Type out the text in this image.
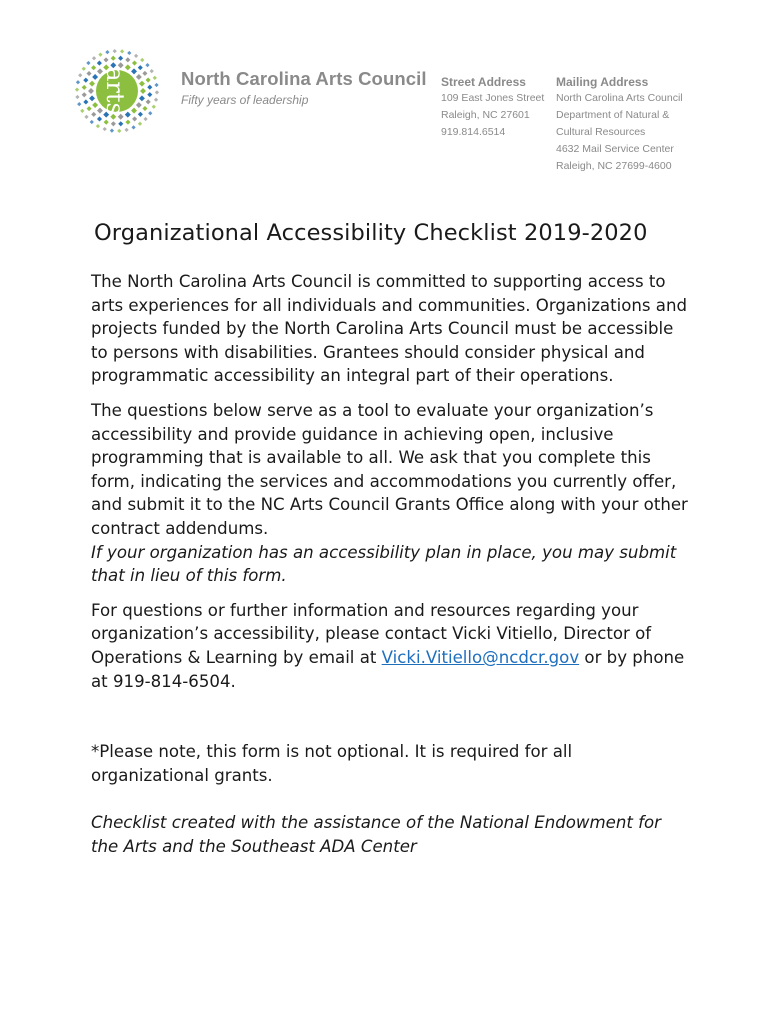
arts	North Carolina Arts Council
Fifty years of leadership
Street Address
109 East Jones Street
Raleigh, NC 27601
919.814.6514
Mailing Address
North Carolina Arts Council
Department of Natural &
Cultural Resources
4632 Mail Service Center
Raleigh, NC 27699-4600
Organizational Accessibility Checklist 2019-2020

The North Carolina Arts Council is committed to supporting access to arts experiences for all individuals and communities. Organizations and projects funded by the North Carolina Arts Council must be accessible to persons with disabilities. Grantees should consider physical and programmatic accessibility an integral part of their operations.

The questions below serve as a tool to evaluate your organization’s accessibility and provide guidance in achieving open, inclusive programming that is available to all. We ask that you complete this form, indicating the services and accommodations you currently offer, and submit it to the NC Arts Council Grants Office along with your other contract addendums.
If your organization has an accessibility plan in place, you may submit that in lieu of this form.

For questions or further information and resources regarding your organization’s accessibility, please contact Vicki Vitiello, Director of Operations & Learning by email at Vicki.Vitiello@ncdcr.gov or by phone at 919-814-6504.

*Please note, this form is not optional. It is required for all organizational grants.

Checklist created with the assistance of the National Endowment for the Arts and the Southeast ADA Center
